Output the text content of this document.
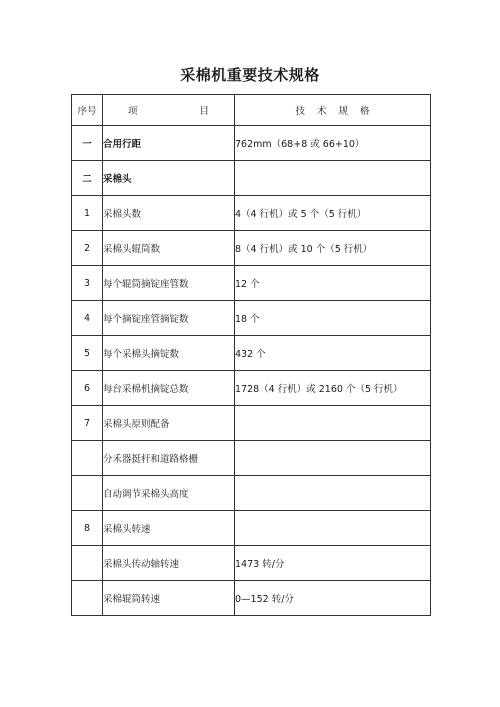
采棉机重要技术规格
序号	项 目	技 术 规 格
一	合用行距	762mm（68+8 或 66+10）
二	采棉头	
1	采棉头数	4（4 行机）或 5 个（5 行机）
2	采棉头辊筒数	8（4 行机）或 10 个（5 行机）
3	每个辊筒摘锭座管数	12 个
4	每个摘锭座管摘锭数	18 个
5	每个采棉头摘锭数	432 个
6	每台采棉机摘锭总数	1728（4 行机）或 2160 个（5 行机）
7	采棉头原则配备	
	分禾器挺杆和道路格栅	
	自动调节采棉头高度	
8	采棉头转速	
	采棉头传动轴转速	1473 转/分
	采棉辊筒转速	0—152 转/分
